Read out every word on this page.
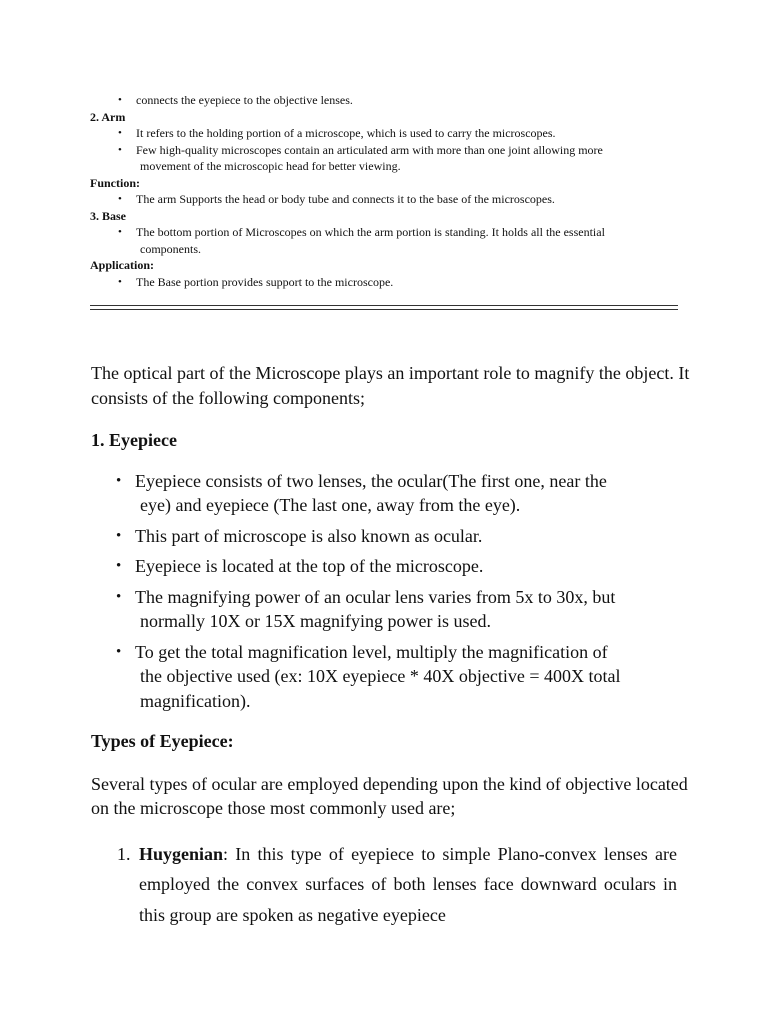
• connects the eyepiece to the objective lenses.

2. Arm

• It refers to the holding portion of a microscope, which is used to carry the microscopes.
• Few high-quality microscopes contain an articulated arm with more than one joint allowing more
movement of the microscopic head for better viewing.

Function:

• The arm Supports the head or body tube and connects it to the base of the microscopes.

3. Base

• The bottom portion of Microscopes on which the arm portion is standing. It holds all the essential
components.

Application:

• The Base portion provides support to the microscope.

The optical part of the Microscope plays an important role to magnify the object. It consists of the following components;

1. Eyepiece

• Eyepiece consists of two lenses, the ocular(The first one, near the
eye) and eyepiece (The last one, away from the eye).
• This part of microscope is also known as ocular.
• Eyepiece is located at the top of the microscope.
• The magnifying power of an ocular lens varies from 5x to 30x, but
normally 10X or 15X magnifying power is used.
• To get the total magnification level, multiply the magnification of
the objective used (ex: 10X eyepiece * 40X objective = 400X total
magnification).

Types of Eyepiece:

Several types of ocular are employed depending upon the kind of objective located on the microscope those most commonly used are;

1. Huygenian: In this type of eyepiece to simple Plano-convex lenses are employed the convex surfaces of both lenses face downward oculars in this group are spoken as negative eyepiece
